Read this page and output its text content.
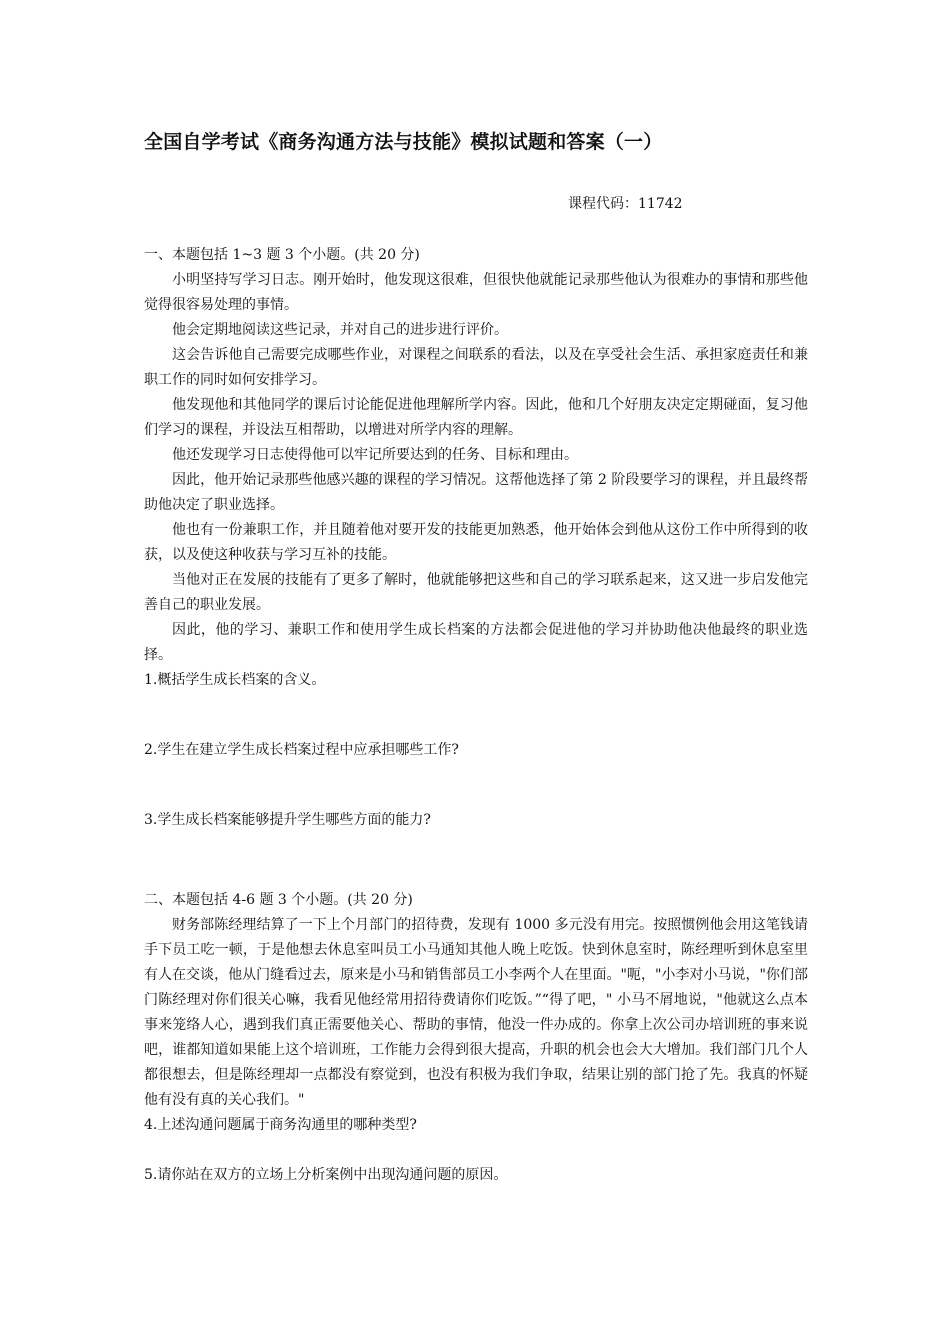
全国自学考试《商务沟通方法与技能》模拟试题和答案（一）
课程代码：11742

一、本题包括 1~3 题 3 个小题。(共 20 分)

小明坚持写学习日志。刚开始时，他发现这很难，但很快他就能记录那些他认为很难办的事情和那些他觉得很容易处理的事情。

他会定期地阅读这些记录，并对自己的进步进行评价。

这会告诉他自己需要完成哪些作业，对课程之间联系的看法，以及在享受社会生活、承担家庭责任和兼职工作的同时如何安排学习。

他发现他和其他同学的课后讨论能促进他理解所学内容。因此，他和几个好朋友决定定期碰面，复习他们学习的课程，并设法互相帮助，以增进对所学内容的理解。

他还发现学习日志使得他可以牢记所要达到的任务、目标和理由。

因此，他开始记录那些他感兴趣的课程的学习情况。这帮他选择了第 2 阶段要学习的课程，并且最终帮助他决定了职业选择。

他也有一份兼职工作，并且随着他对要开发的技能更加熟悉，他开始体会到他从这份工作中所得到的收获，以及使这种收获与学习互补的技能。

当他对正在发展的技能有了更多了解时，他就能够把这些和自己的学习联系起来，这又进一步启发他完善自己的职业发展。

因此，他的学习、兼职工作和使用学生成长档案的方法都会促进他的学习并协助他决他最终的职业选择。

1.概括学生成长档案的含义。

2.学生在建立学生成长档案过程中应承担哪些工作?

3.学生成长档案能够提升学生哪些方面的能力?

二、本题包括 4-6 题 3 个小题。(共 20 分)

财务部陈经理结算了一下上个月部门的招待费，发现有 1000 多元没有用完。按照惯例他会用这笔钱请手下员工吃一顿，于是他想去休息室叫员工小马通知其他人晚上吃饭。快到休息室时，陈经理听到休息室里有人在交谈，他从门缝看过去，原来是小马和销售部员工小李两个人在里面。"呃，"小李对小马说，"你们部门陈经理对你们很关心嘛，我看见他经常用招待费请你们吃饭。”“得了吧，" 小马不屑地说，"他就这么点本事来笼络人心，遇到我们真正需要他关心、帮助的事情，他没一件办成的。你拿上次公司办培训班的事来说吧，谁都知道如果能上这个培训班，工作能力会得到很大提高，升职的机会也会大大增加。我们部门几个人都很想去，但是陈经理却一点都没有察觉到，也没有积极为我们争取，结果让别的部门抢了先。我真的怀疑他有没有真的关心我们。"

4.上述沟通问题属于商务沟通里的哪种类型?

5.请你站在双方的立场上分析案例中出现沟通问题的原因。
